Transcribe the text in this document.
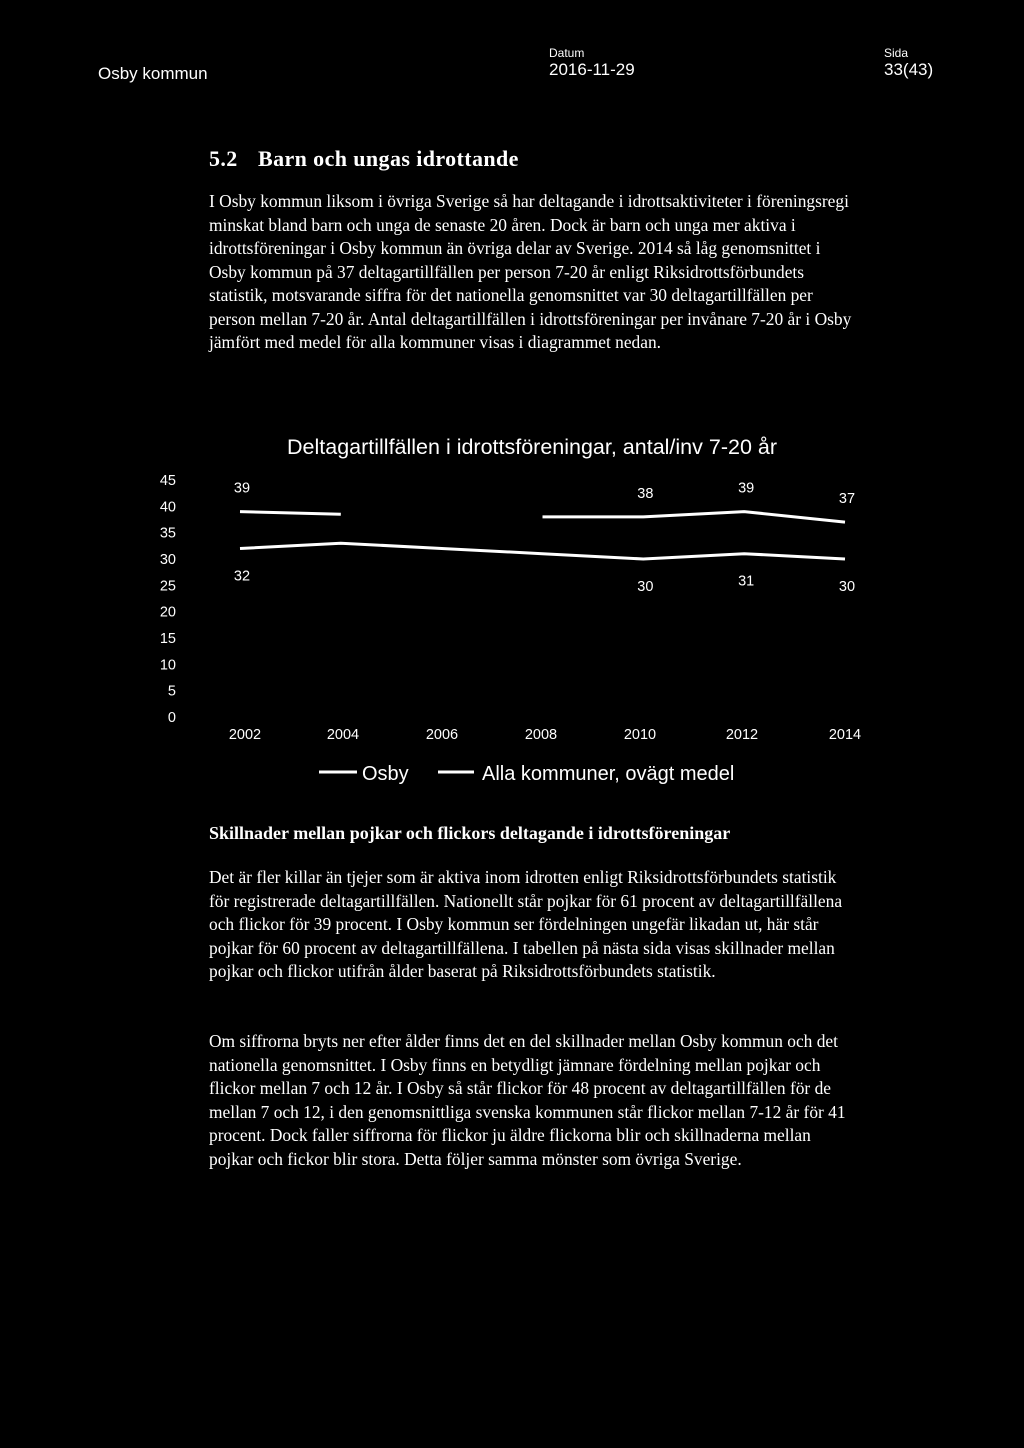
Osby kommun
Datum
2016-11-29
Sida
33(43)
5.2 Barn och ungas idrottande

I Osby kommun liksom i övriga Sverige så har deltagande i idrottsaktiviteter i föreningsregi minskat bland barn och unga de senaste 20 åren. Dock är barn och unga mer aktiva i idrottsföreningar i Osby kommun än övriga delar av Sverige. 2014 så låg genomsnittet i Osby kommun på 37 deltagartillfällen per person 7-20 år enligt Riksidrottsförbundets statistik, motsvarande siffra för det nationella genomsnittet var 30 deltagartillfällen per person mellan 7-20 år. Antal deltagartillfällen i idrottsföreningar per invånare 7-20 år i Osby jämfört med medel för alla kommuner visas i diagrammet nedan.

Deltagartillfällen i idrottsföreningar, antal/inv 7-20 år
0
5
10
15
20
25
30
35
40
45
2002	2004	2006	2008	2010	2012	2014
39	38	39
37
32
30	31	30
Osby	Alla kommuner, ovägt medel
Skillnader mellan pojkar och flickors deltagande i idrottsföreningar

Det är fler killar än tjejer som är aktiva inom idrotten enligt Riksidrottsförbundets statistik för registrerade deltagartillfällen. Nationellt står pojkar för 61 procent av deltagartillfällena och flickor för 39 procent. I Osby kommun ser fördelningen ungefär likadan ut, här står pojkar för 60 procent av deltagartillfällena. I tabellen på nästa sida visas skillnader mellan pojkar och flickor utifrån ålder baserat på Riksidrottsförbundets statistik.

Om siffrorna bryts ner efter ålder finns det en del skillnader mellan Osby kommun och det nationella genomsnittet. I Osby finns en betydligt jämnare fördelning mellan pojkar och flickor mellan 7 och 12 år. I Osby så står flickor för 48 procent av deltagartillfällen för de mellan 7 och 12, i den genomsnittliga svenska kommunen står flickor mellan 7-12 år för 41 procent. Dock faller siffrorna för flickor ju äldre flickorna blir och skillnaderna mellan pojkar och fickor blir stora. Detta följer samma mönster som övriga Sverige.
